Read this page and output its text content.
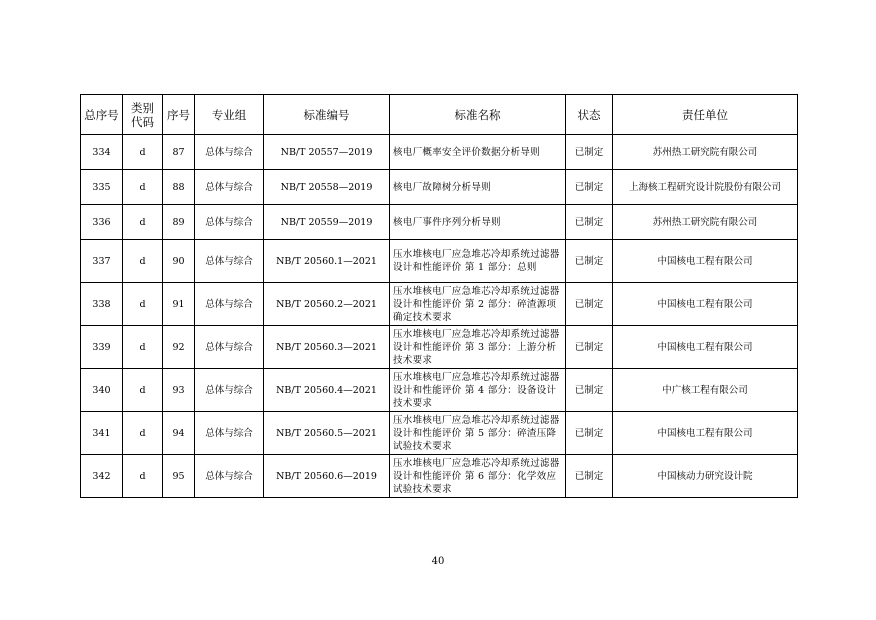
总序号	类别代码	序号	专业组	标准编号	标准名称	状态	责任单位
334	d	87	总体与综合	NB/T 20557—2019	核电厂概率安全评价数据分析导则	已制定	苏州热工研究院有限公司
335	d	88	总体与综合	NB/T 20558—2019	核电厂故障树分析导则	已制定	上海核工程研究设计院股份有限公司
336	d	89	总体与综合	NB/T 20559—2019	核电厂事件序列分析导则	已制定	苏州热工研究院有限公司
337	d	90	总体与综合	NB/T 20560.1—2021	压水堆核电厂应急堆芯冷却系统过滤器设计和性能评价 第 1 部分：总则	已制定	中国核电工程有限公司
338	d	91	总体与综合	NB/T 20560.2—2021	压水堆核电厂应急堆芯冷却系统过滤器设计和性能评价 第 2 部分：碎渣源项确定技术要求	已制定	中国核电工程有限公司
339	d	92	总体与综合	NB/T 20560.3—2021	压水堆核电厂应急堆芯冷却系统过滤器设计和性能评价 第 3 部分：上游分析技术要求	已制定	中国核电工程有限公司
340	d	93	总体与综合	NB/T 20560.4—2021	压水堆核电厂应急堆芯冷却系统过滤器设计和性能评价 第 4 部分：设备设计技术要求	已制定	中广核工程有限公司
341	d	94	总体与综合	NB/T 20560.5—2021	压水堆核电厂应急堆芯冷却系统过滤器设计和性能评价 第 5 部分：碎渣压降试验技术要求	已制定	中国核电工程有限公司
342	d	95	总体与综合	NB/T 20560.6—2019	压水堆核电厂应急堆芯冷却系统过滤器设计和性能评价 第 6 部分：化学效应试验技术要求	已制定	中国核动力研究设计院
40
